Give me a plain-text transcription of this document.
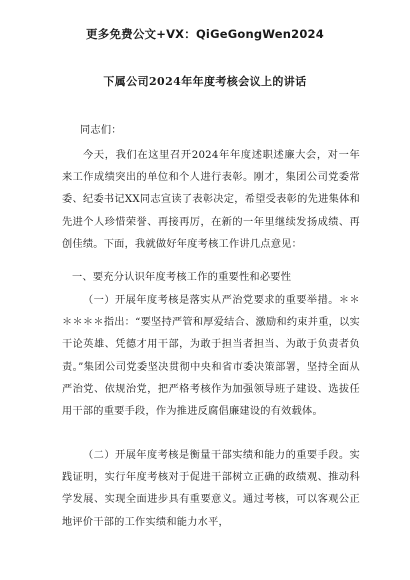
更多免费公文+VX：QiGeGongWen2024
下属公司2024年年度考核会议上的讲话
同志们：
今天，我们在这里召开2024年年度述职述廉大会，对一年来工作成绩突出的单位和个人进行表彰。刚才，集团公司党委常委、纪委书记XX同志宣读了表彰决定，希望受表彰的先进集体和先进个人珍惜荣誉、再接再厉，在新的一年里继续发扬成绩、再创佳绩。下面，我就做好年度考核工作讲几点意见：
一、要充分认识年度考核工作的重要性和必要性
（一）开展年度考核是落实从严治党要求的重要举措。＊＊＊＊＊＊指出：“要坚持严管和厚爱结合、激励和约束并重，以实干论英雄、凭德才用干部，为敢于担当者担当、为敢于负责者负责。”集团公司党委坚决贯彻中央和省市委决策部署，坚持全面从严治党、依规治党，把严格考核作为加强领导班子建设、选拔任用干部的重要手段，作为推进反腐倡廉建设的有效载体。
（二）开展年度考核是衡量干部实绩和能力的重要手段。实践证明，实行年度考核对于促进干部树立正确的政绩观、推动科学发展、实现全面进步具有重要意义。通过考核，可以客观公正地评价干部的工作实绩和能力水平，
